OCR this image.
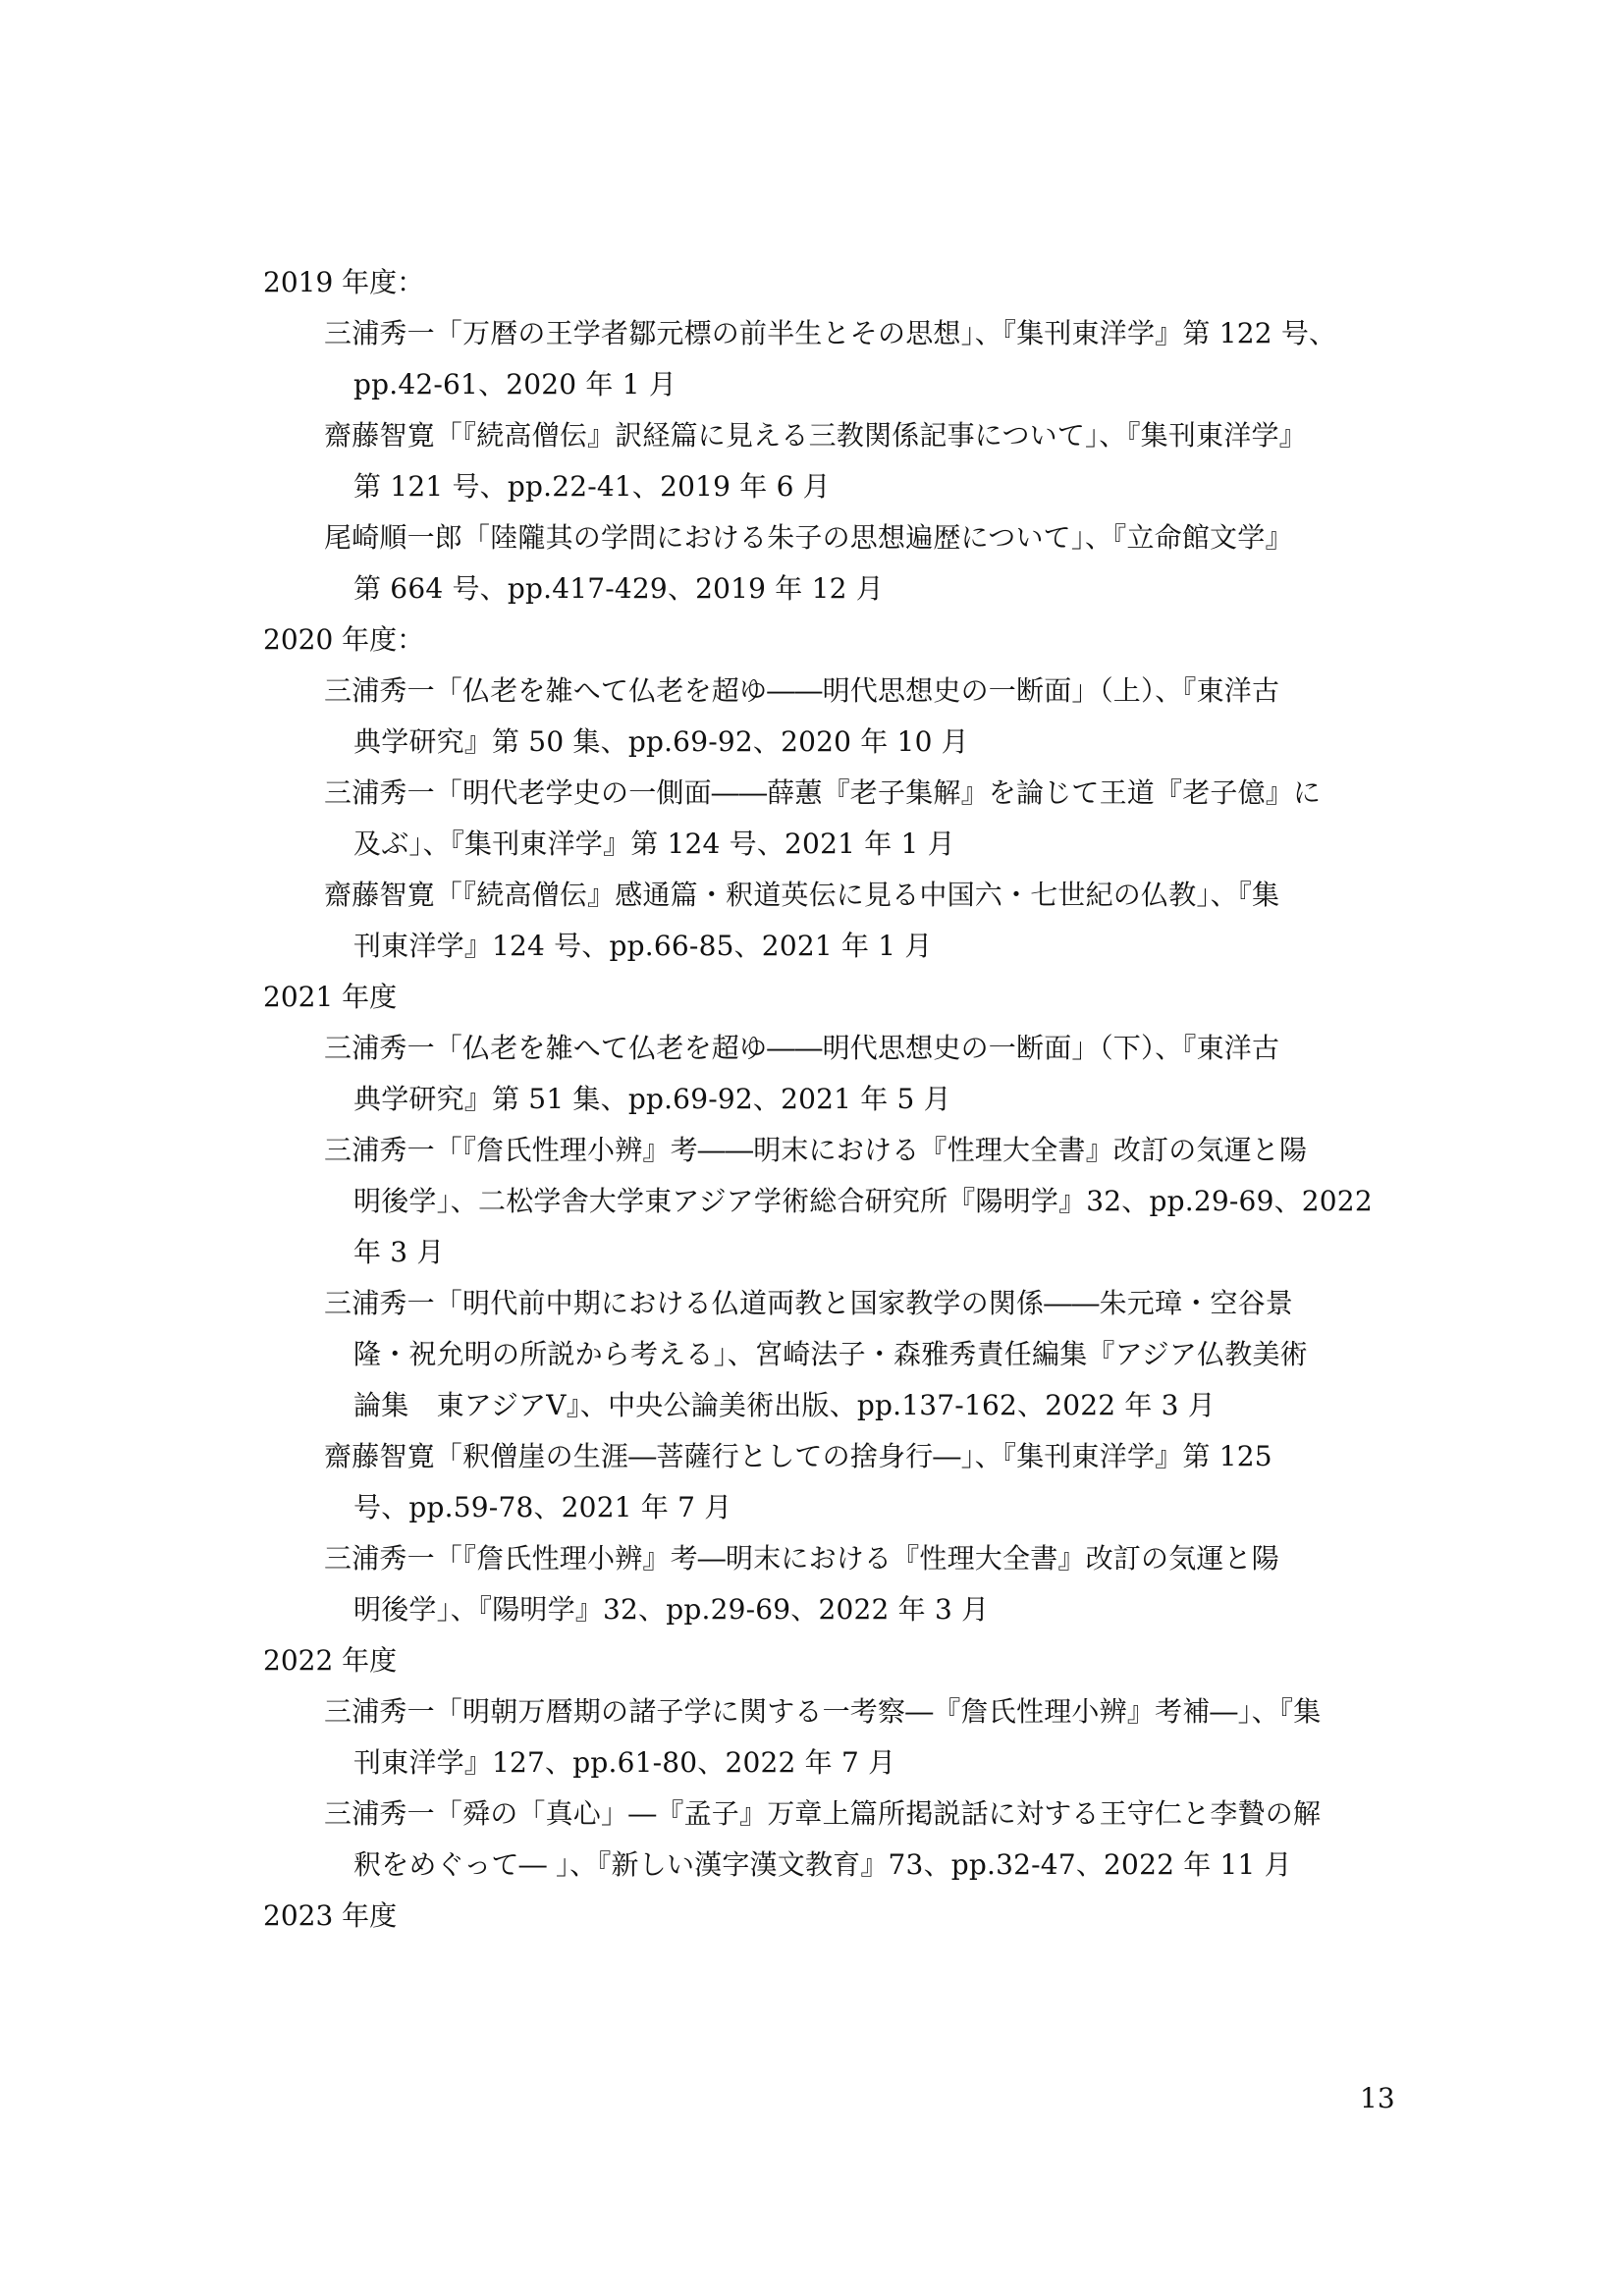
2019 年度：
三浦秀一「万暦の王学者鄒元標の前半生とその思想」、『集刊東洋学』第 122 号、
pp.42-61、2020 年 1 月
齋藤智寛「『続高僧伝』訳経篇に見える三教関係記事について」、『集刊東洋学』
第 121 号、pp.22-41、2019 年 6 月
尾崎順一郎「陸隴其の学問における朱子の思想遍歴について」、『立命館文学』
第 664 号、pp.417-429、2019 年 12 月
2020 年度：
三浦秀一「仏老を雑へて仏老を超ゆ――明代思想史の一断面」（上）、『東洋古
典学研究』第 50 集、pp.69-92、2020 年 10 月
三浦秀一「明代老学史の一側面――薛蕙『老子集解』を論じて王道『老子億』に
及ぶ」、『集刊東洋学』第 124 号、2021 年 1 月
齋藤智寛「『続高僧伝』感通篇・釈道英伝に見る中国六・七世紀の仏教」、『集
刊東洋学』124 号、pp.66-85、2021 年 1 月
2021 年度
三浦秀一「仏老を雑へて仏老を超ゆ――明代思想史の一断面」（下）、『東洋古
典学研究』第 51 集、pp.69-92、2021 年 5 月
三浦秀一「『詹氏性理小辨』考――明末における『性理大全書』改訂の気運と陽
明後学」、二松学舎大学東アジア学術総合研究所『陽明学』32、pp.29-69、2022
年 3 月
三浦秀一「明代前中期における仏道両教と国家教学の関係――朱元璋・空谷景
隆・祝允明の所説から考える」、宮崎法子・森雅秀責任編集『アジア仏教美術
論集　東アジアⅤ』、中央公論美術出版、pp.137-162、2022 年 3 月
齋藤智寛「釈僧崖の生涯―菩薩行としての捨身行―」、『集刊東洋学』第 125
号、pp.59-78、2021 年 7 月
三浦秀一「『詹氏性理小辨』考―明末における『性理大全書』改訂の気運と陽
明後学」、『陽明学』32、pp.29-69、2022 年 3 月
2022 年度
三浦秀一「明朝万暦期の諸子学に関する一考察―『詹氏性理小辨』考補―」、『集
刊東洋学』127、pp.61-80、2022 年 7 月
三浦秀一「舜の「真心」―『孟子』万章上篇所掲説話に対する王守仁と李贄の解
釈をめぐって― 」、『新しい漢字漢文教育』73、pp.32-47、2022 年 11 月
2023 年度
13
